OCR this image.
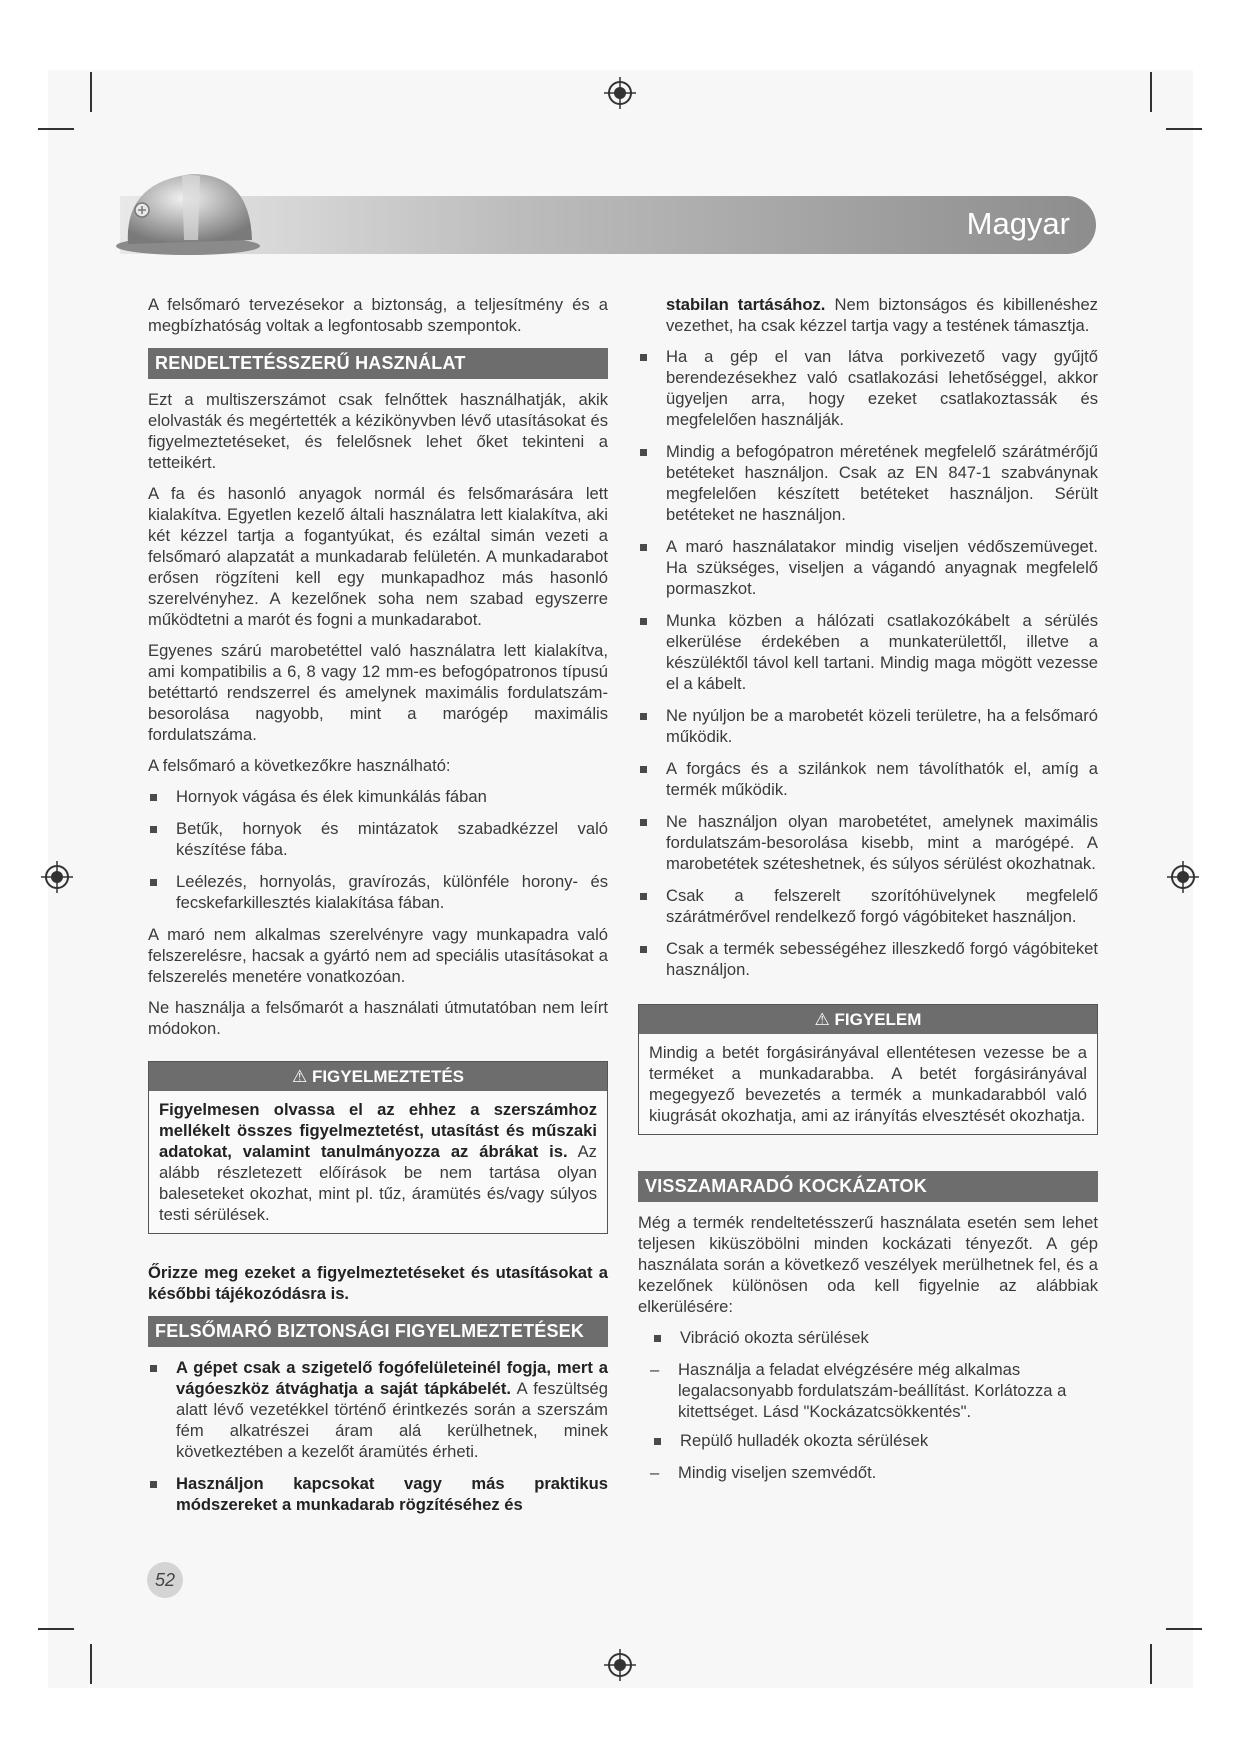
Magyar

A felsőmaró tervezésekor a biztonság, a teljesítmény és a megbízhatóság voltak a legfontosabb szempontok.

RENDELTETÉSSZERŰ HASZNÁLAT

Ezt a multiszerszámot csak felnőttek használhatják, akik elolvasták és megértették a kézikönyvben lévő utasításokat és figyelmeztetéseket, és felelősnek lehet őket tekinteni a tetteikért.

A fa és hasonló anyagok normál és felsőmarására lett kialakítva. Egyetlen kezelő általi használatra lett kialakítva, aki két kézzel tartja a fogantyúkat, és ezáltal simán vezeti a felsőmaró alapzatát a munkadarab felületén. A munkadarabot erősen rögzíteni kell egy munkapadhoz más hasonló szerelvényhez. A kezelőnek soha nem szabad egyszerre működtetni a marót és fogni a munkadarabot.

Egyenes szárú marobetéttel való használatra lett kialakítva, ami kompatibilis a 6, 8 vagy 12 mm-es befogópatronos típusú betéttartó rendszerrel és amelynek maximális fordulatszám-besorolása nagyobb, mint a marógép maximális fordulatszáma.

A felsőmaró a következőkre használható:

Hornyok vágása és élek kimunkálás fában
Betűk, hornyok és mintázatok szabadkézzel való készítése fába.
Leélezés, hornyolás, gravírozás, különféle horony- és fecskefarkillesztés kialakítása fában.

A maró nem alkalmas szerelvényre vagy munkapadra való felszerelésre, hacsak a gyártó nem ad speciális utasításokat a felszerelés menetére vonatkozóan.

Ne használja a felsőmarót a használati útmutatóban nem leírt módokon.

⚠ FIGYELMEZTETÉS
Figyelmesen olvassa el az ehhez a szerszámhoz mellékelt összes figyelmeztetést, utasítást és műszaki adatokat, valamint tanulmányozza az ábrákat is. Az alább részletezett előírások be nem tartása olyan baleseteket okozhat, mint pl. tűz, áramütés és/vagy súlyos testi sérülések.

Őrizze meg ezeket a figyelmeztetéseket és utasításokat a későbbi tájékozódásra is.

FELSŐMARÓ BIZTONSÁGI FIGYELMEZTETÉSEK
A gépet csak a szigetelő fogófelületeinél fogja, mert a vágóeszköz átvághatja a saját tápkábelét. A feszültség alatt lévő vezetékkel történő érintkezés során a szerszám fém alkatrészei áram alá kerülhetnek, minek következtében a kezelőt áramütés érheti.
Használjon kapcsokat vagy más praktikus módszereket a munkadarab rögzítéséhez és

stabilan tartásához. Nem biztonságos és kibillenéshez vezethet, ha csak kézzel tartja vagy a testének támasztja.

Ha a gép el van látva porkivezető vagy gyűjtő berendezésekhez való csatlakozási lehetőséggel, akkor ügyeljen arra, hogy ezeket csatlakoztassák és megfelelően használják.
Mindig a befogópatron méretének megfelelő szárátmérőjű betéteket használjon. Csak az EN 847-1 szabványnak megfelelően készített betéteket használjon. Sérült betéteket ne használjon.
A maró használatakor mindig viseljen védőszemüveget. Ha szükséges, viseljen a vágandó anyagnak megfelelő pormaszkot.
Munka közben a hálózati csatlakozókábelt a sérülés elkerülése érdekében a munkaterülettől, illetve a készüléktől távol kell tartani. Mindig maga mögött vezesse el a kábelt.
Ne nyúljon be a marobetét közeli területre, ha a felsőmaró működik.
A forgács és a szilánkok nem távolíthatók el, amíg a termék működik.
Ne használjon olyan marobetétet, amelynek maximális fordulatszám-besorolása kisebb, mint a marógépé. A marobetétek széteshetnek, és súlyos sérülést okozhatnak.
Csak a felszerelt szorítóhüvelynek megfelelő szárátmérővel rendelkező forgó vágóbiteket használjon.
Csak a termék sebességéhez illeszkedő forgó vágóbiteket használjon.
⚠ FIGYELEM
Mindig a betét forgásirányával ellentétesen vezesse be a terméket a munkadarabba. A betét forgásirányával megegyező bevezetés a termék a munkadarabból való kiugrását okozhatja, ami az irányítás elvesztését okozhatja.
VISSZAMARADÓ KOCKÁZATOK

Még a termék rendeltetésszerű használata esetén sem lehet teljesen kiküszöbölni minden kockázati tényezőt. A gép használata során a következő veszélyek merülhetnek fel, és a kezelőnek különösen oda kell figyelnie az alábbiak elkerülésére:

Vibráció okozta sérülések
– Használja a feladat elvégzésére még alkalmas legalacsonyabb fordulatszám-beállítást. Korlátozza a kitettséget. Lásd "Kockázatcsökkentés".
Repülő hulladék okozta sérülések
– Mindig viseljen szemvédőt.
52
